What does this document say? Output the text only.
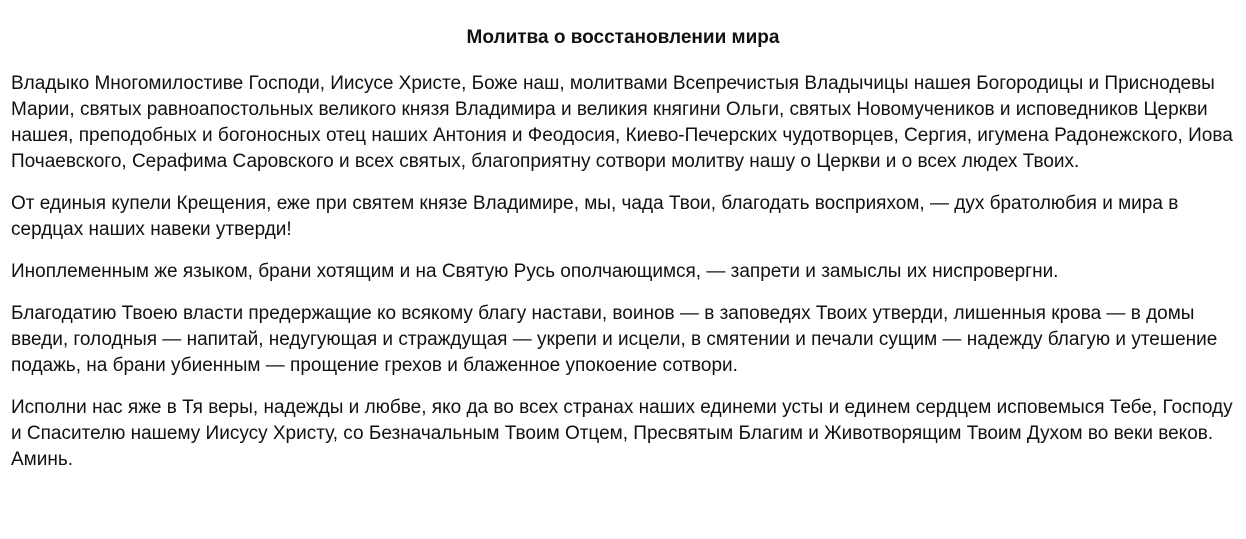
Молитва о восстановлении мира

Владыко Многомилостиве Господи, Иисусе Христе, Боже наш, молитвами Всепречистыя Владычицы нашея Богородицы и Приснодевы Марии, святых равноапостольных великого князя Владимира и великия княгини Ольги, святых Новомучеников и исповедников Церкви нашея, преподобных и богоносных отец наших Антония и Феодосия, Киево-Печерских чудотворцев, Сергия, игумена Радонежского, Иова Почаевского, Серафима Саровского и всех святых, благоприятну сотвори молитву нашу о Церкви и о всех людех Твоих.

От единыя купели Крещения, еже при святем князе Владимире, мы, чада Твои, благодать восприяхом, — дух братолюбия и мира в сердцах наших навеки утверди!

Иноплеменным же языком, брани хотящим и на Святую Русь ополчающимся, — запрети и замыслы их ниспровергни.

Благодатию Твоею власти предержащие ко всякому благу настави, воинов — в заповедях Твоих утверди, лишенныя крова — в домы введи, голодныя — напитай, недугующая и страждущая — укрепи и исцели, в смятении и печали сущим — надежду благую и утешение подажь, на брани убиенным — прощение грехов и блаженное упокоение сотвори.

Исполни нас яже в Тя веры, надежды и любве, яко да во всех странах наших единеми усты и единем сердцем исповемыся Тебе, Господу и Спасителю нашему Иисусу Христу, со Безначальным Твоим Отцем, Пресвятым Благим и Животворящим Твоим Духом во веки веков. Аминь.
